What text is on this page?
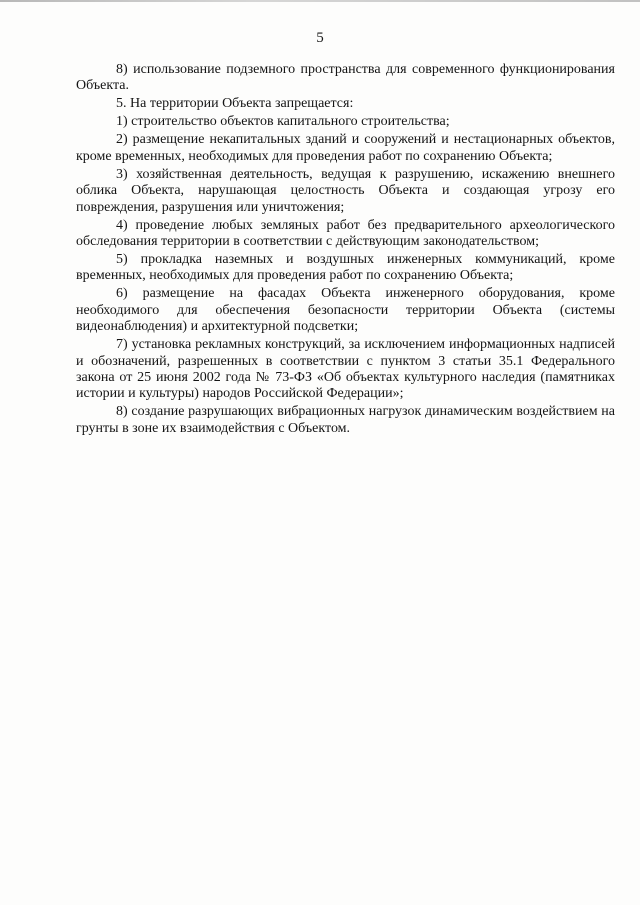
5

8) использование подземного пространства для современного функционирования Объекта.

5. На территории Объекта запрещается:

1) строительство объектов капитального строительства;

2) размещение некапитальных зданий и сооружений и нестационарных объектов, кроме временных, необходимых для проведения работ по сохранению Объекта;

3) хозяйственная деятельность, ведущая к разрушению, искажению внешнего облика Объекта, нарушающая целостность Объекта и создающая угрозу его повреждения, разрушения или уничтожения;

4) проведение любых земляных работ без предварительного археологического обследования территории в соответствии с действующим законодательством;

5) прокладка наземных и воздушных инженерных коммуникаций, кроме временных, необходимых для проведения работ по сохранению Объекта;

6) размещение на фасадах Объекта инженерного оборудования, кроме необходимого для обеспечения безопасности территории Объекта (системы видеонаблюдения) и архитектурной подсветки;

7) установка рекламных конструкций, за исключением информационных надписей и обозначений, разрешенных в соответствии с пунктом 3 статьи 35.1 Федерального закона от 25 июня 2002 года № 73-ФЗ «Об объектах культурного наследия (памятниках истории и культуры) народов Российской Федерации»;

8) создание разрушающих вибрационных нагрузок динамическим воздействием на грунты в зоне их взаимодействия с Объектом.
